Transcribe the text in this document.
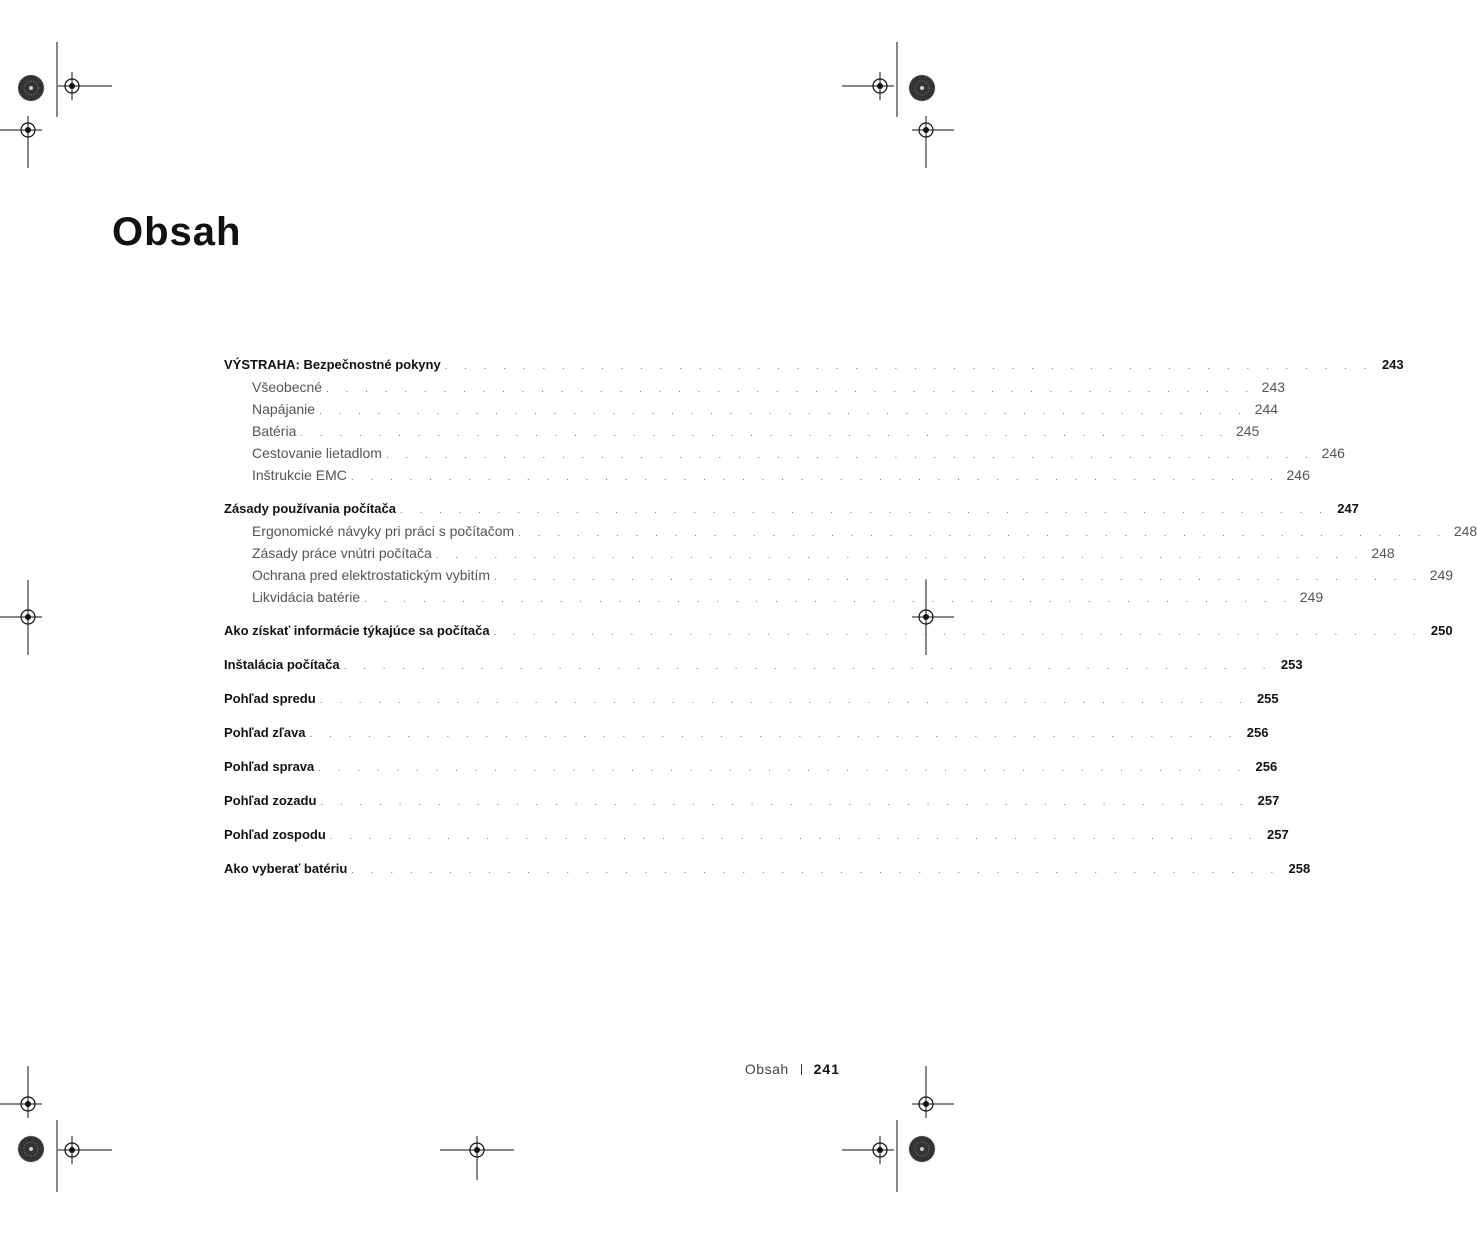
Obsah
VÝSTRAHA: Bezpečnostné pokyny . . . . . . . . . . . . . . . . . . . . . . . . . . . . . . . . . . . . . . . . . . . . . . . . 243
Všeobecné . . . . . . . . . . . . . . . . . . . . . . . . . . . . . . . . . . . . . . . . . . . . . . . . 243
Napájanie . . . . . . . . . . . . . . . . . . . . . . . . . . . . . . . . . . . . . . . . . . . . . . . . 244
Batéria . . . . . . . . . . . . . . . . . . . . . . . . . . . . . . . . . . . . . . . . . . . . . . . . 245
Cestovanie lietadlom . . . . . . . . . . . . . . . . . . . . . . . . . . . . . . . . . . . . . . . . . . . . . . . . 246
Inštrukcie EMC . . . . . . . . . . . . . . . . . . . . . . . . . . . . . . . . . . . . . . . . . . . . . . . . 246
Zásady používania počítača . . . . . . . . . . . . . . . . . . . . . . . . . . . . . . . . . . . . . . . . . . . . . . . . 247
Ergonomické návyky pri práci s počítačom . . . . . . . . . . . . . . . . . . . . . . . . . . . . . . . . . . . . . . . . . . . . . . . . 248
Zásady práce vnútri počítača . . . . . . . . . . . . . . . . . . . . . . . . . . . . . . . . . . . . . . . . . . . . . . . . 248
Ochrana pred elektrostatickým vybitím . . . . . . . . . . . . . . . . . . . . . . . . . . . . . . . . . . . . . . . . . . . . . . . . 249
Likvidácia batérie . . . . . . . . . . . . . . . . . . . . . . . . . . . . . . . . . . . . . . . . . . . . . . . . 249
Ako získať informácie týkajúce sa počítača . . . . . . . . . . . . . . . . . . . . . . . . . . . . . . . . . . . . . . . . . . . . . . . . 250
Inštalácia počítača . . . . . . . . . . . . . . . . . . . . . . . . . . . . . . . . . . . . . . . . . . . . . . . . 253
Pohľad spredu . . . . . . . . . . . . . . . . . . . . . . . . . . . . . . . . . . . . . . . . . . . . . . . . 255
Pohľad zľava . . . . . . . . . . . . . . . . . . . . . . . . . . . . . . . . . . . . . . . . . . . . . . . . 256
Pohľad sprava . . . . . . . . . . . . . . . . . . . . . . . . . . . . . . . . . . . . . . . . . . . . . . . . 256
Pohľad zozadu . . . . . . . . . . . . . . . . . . . . . . . . . . . . . . . . . . . . . . . . . . . . . . . . 257
Pohľad zospodu . . . . . . . . . . . . . . . . . . . . . . . . . . . . . . . . . . . . . . . . . . . . . . . . 257
Ako vyberať batériu . . . . . . . . . . . . . . . . . . . . . . . . . . . . . . . . . . . . . . . . . . . . . . . . 258
Obsah 241
